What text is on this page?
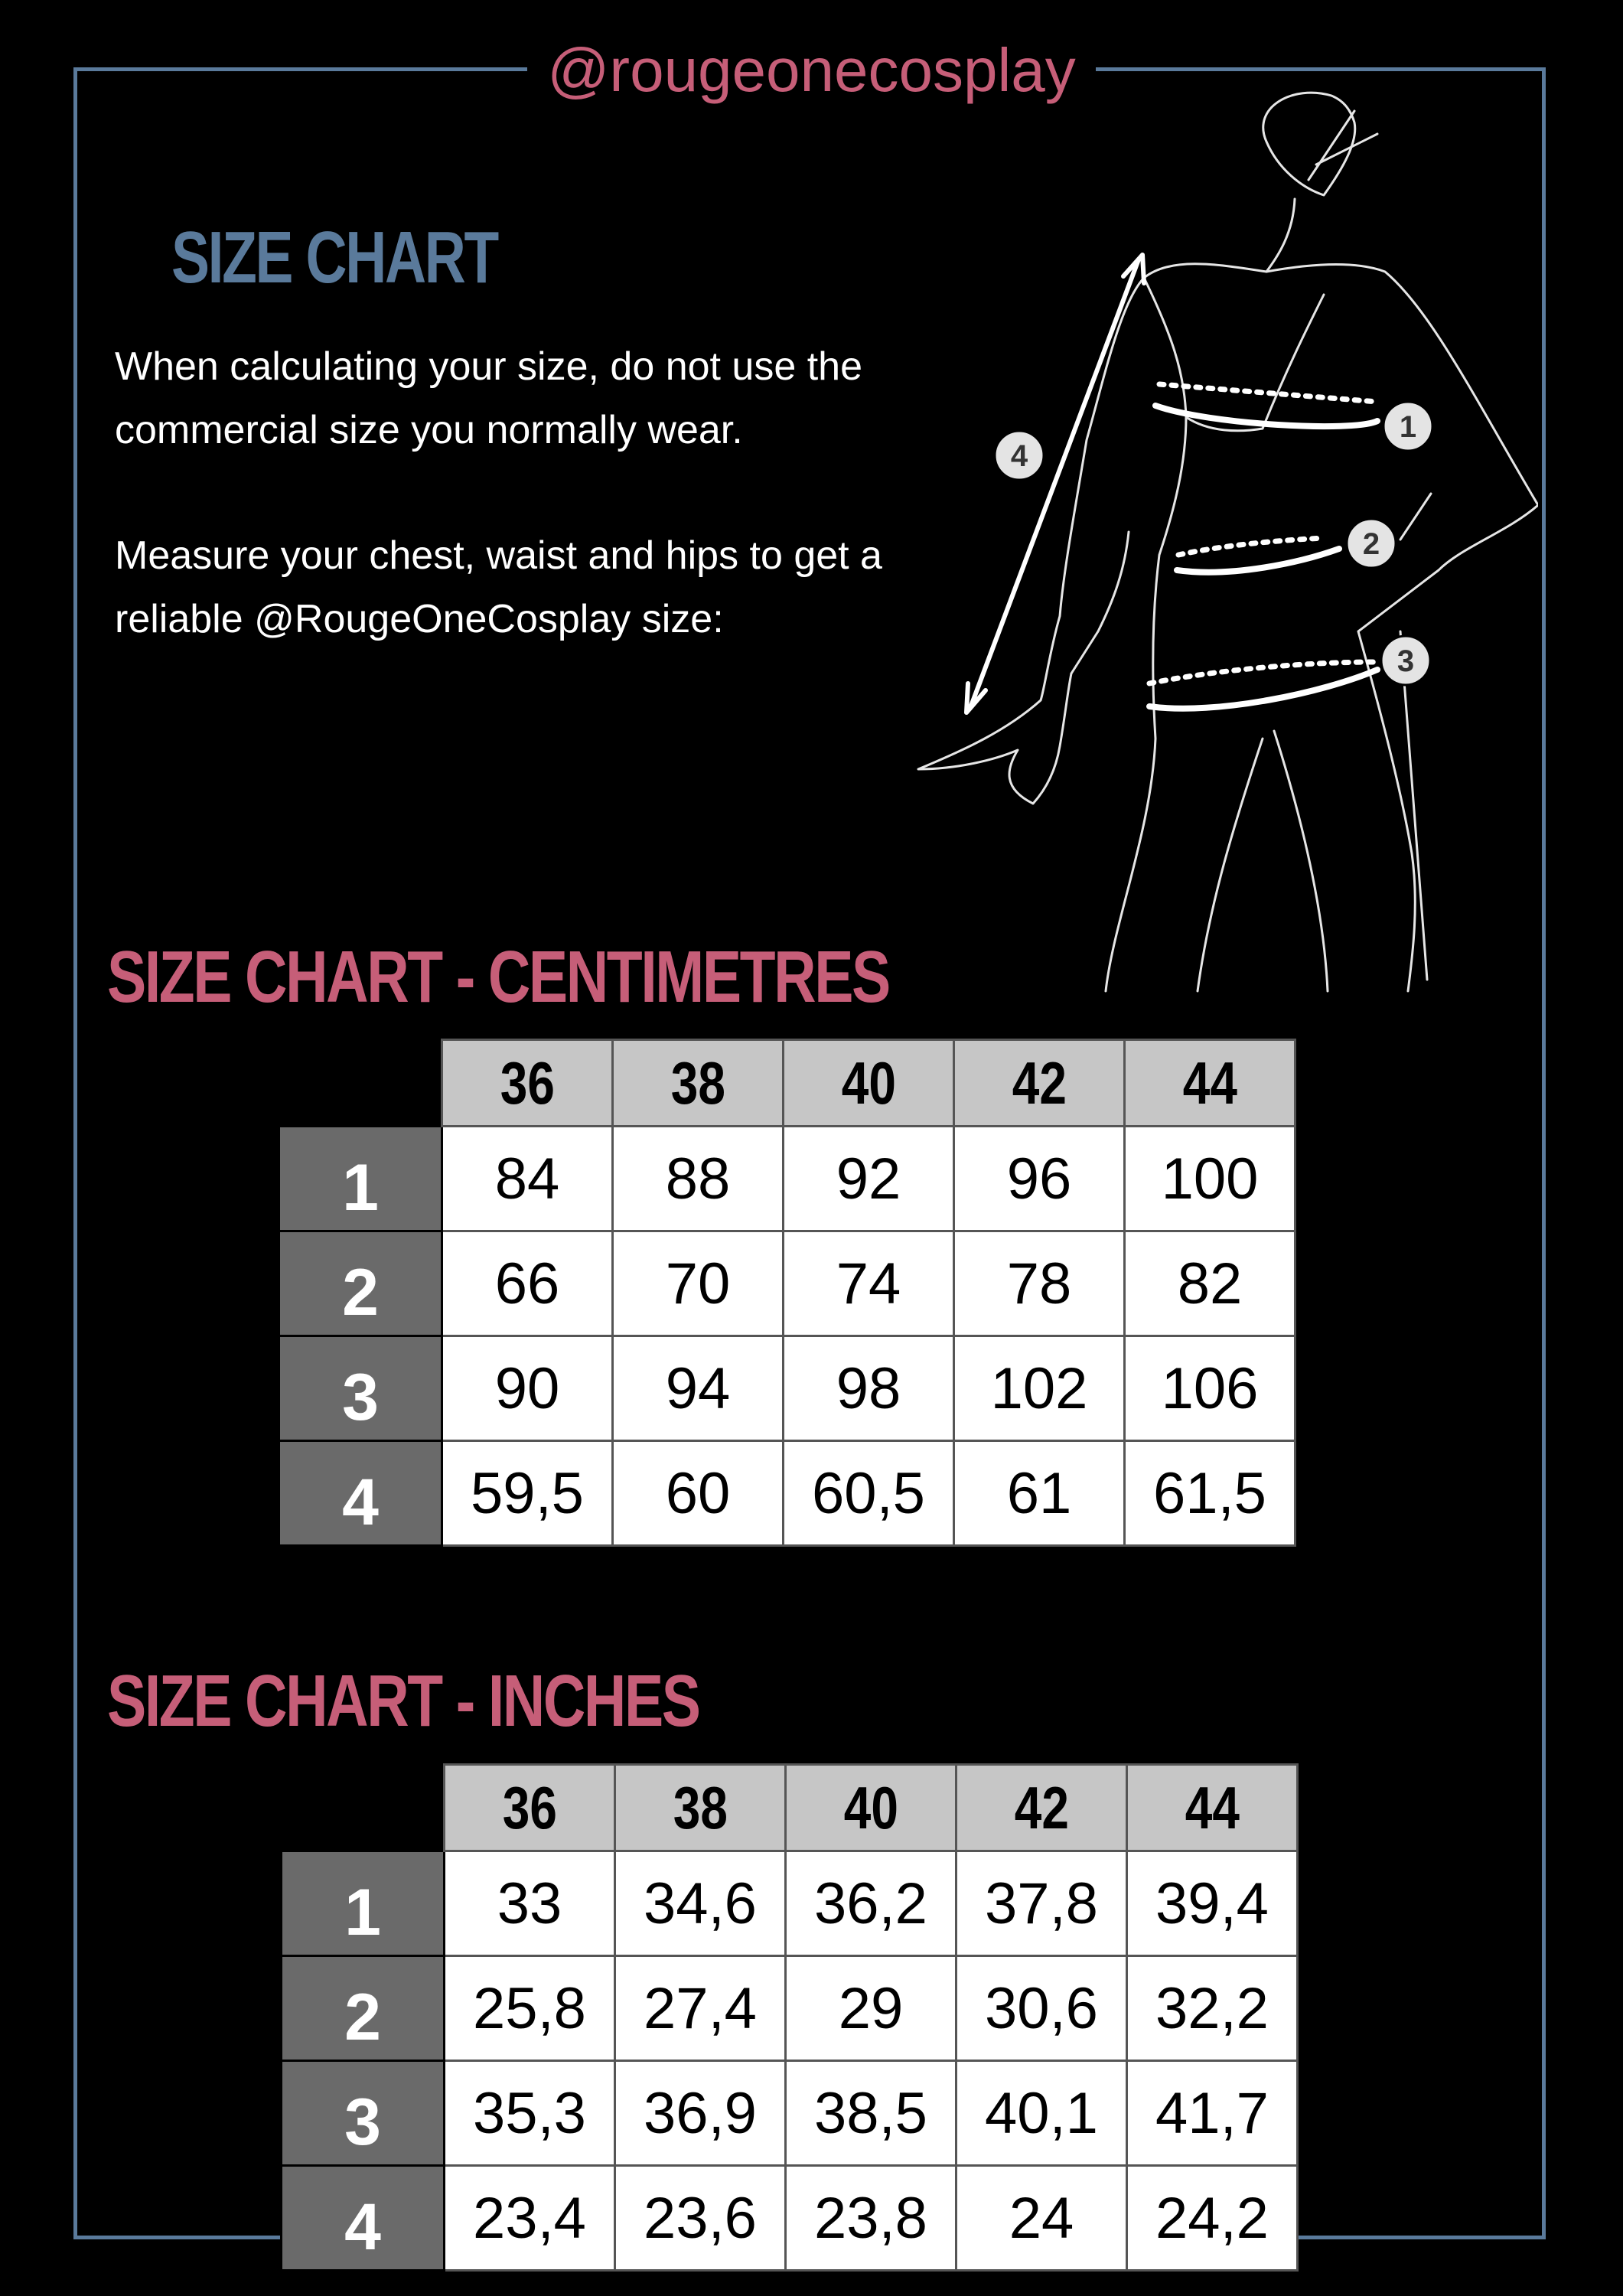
@rougeonecosplay
SIZE CHART

When calculating your size, do not use the commercial size you normally wear.

Measure your chest, waist and hips to get a reliable @RougeOneCosplay size:

1
2
3
4
SIZE CHART - CENTIMETRES
	36	38	40	42	44
1	84	88	92	96	100
2	66	70	74	78	82
3	90	94	98	102	106
4	59,5	60	60,5	61	61,5
SIZE CHART - INCHES
	36	38	40	42	44
1	33	34,6	36,2	37,8	39,4
2	25,8	27,4	29	30,6	32,2
3	35,3	36,9	38,5	40,1	41,7
4	23,4	23,6	23,8	24	24,2
